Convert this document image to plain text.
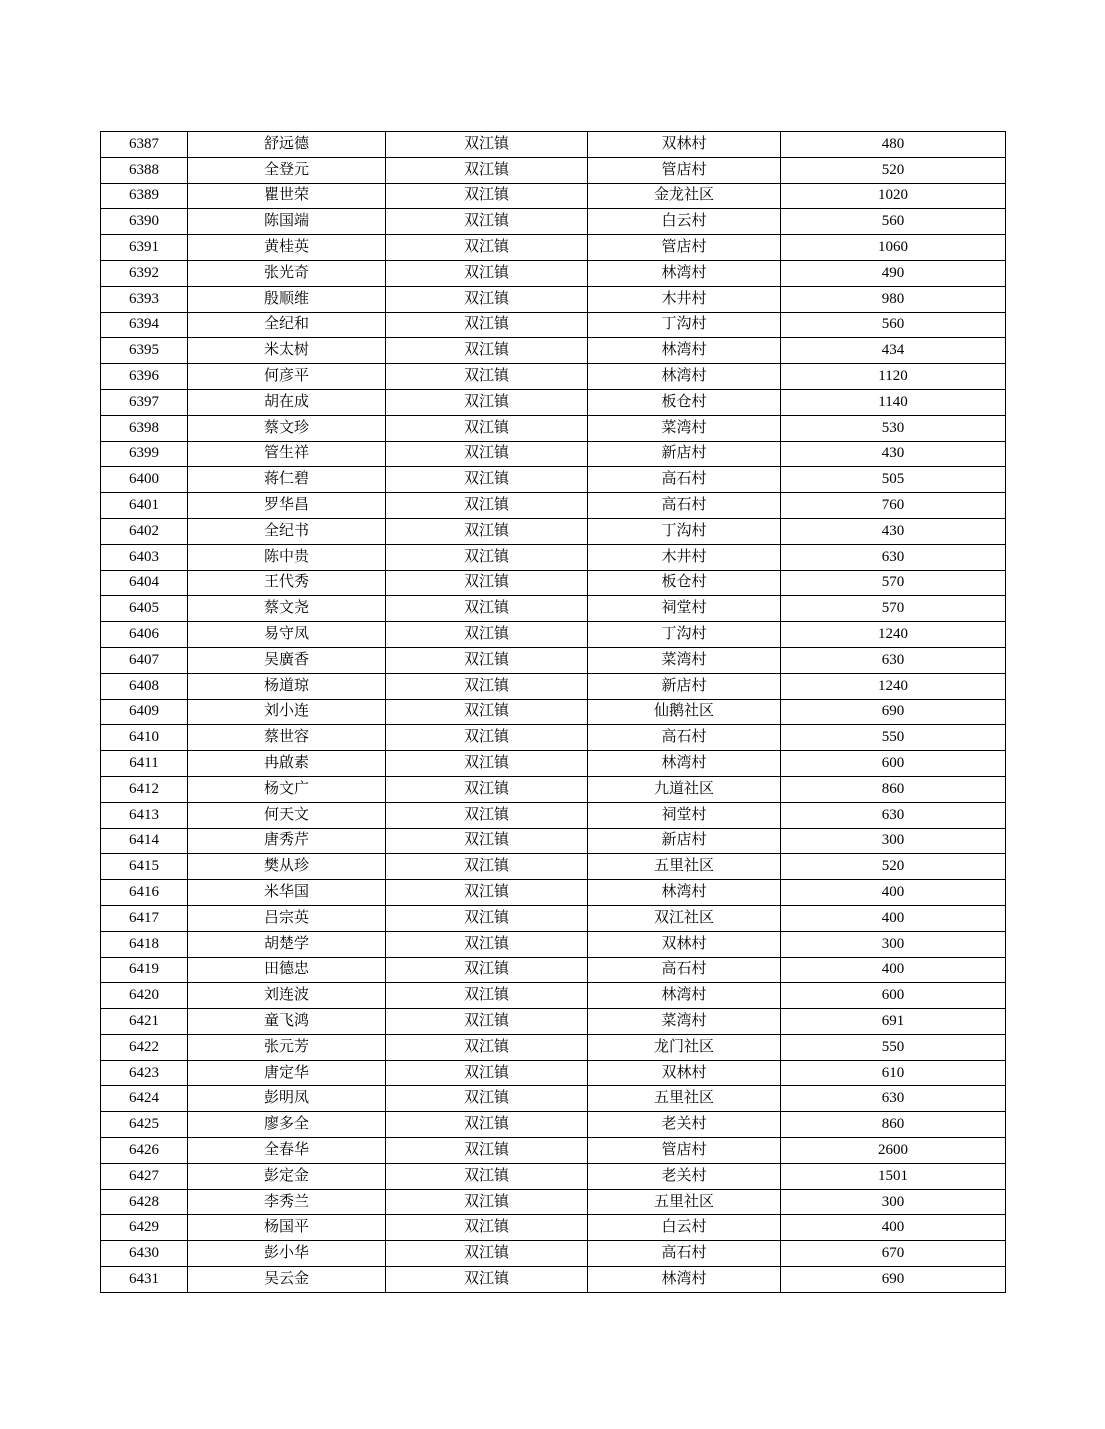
6387	舒远德	双江镇	双林村	480
6388	全登元	双江镇	管店村	520
6389	瞿世荣	双江镇	金龙社区	1020
6390	陈国端	双江镇	白云村	560
6391	黄桂英	双江镇	管店村	1060
6392	张光奇	双江镇	林湾村	490
6393	殷顺维	双江镇	木井村	980
6394	全纪和	双江镇	丁沟村	560
6395	米太树	双江镇	林湾村	434
6396	何彦平	双江镇	林湾村	1120
6397	胡在成	双江镇	板仓村	1140
6398	蔡文珍	双江镇	菜湾村	530
6399	管生祥	双江镇	新店村	430
6400	蒋仁碧	双江镇	高石村	505
6401	罗华昌	双江镇	高石村	760
6402	全纪书	双江镇	丁沟村	430
6403	陈中贵	双江镇	木井村	630
6404	王代秀	双江镇	板仓村	570
6405	蔡文尧	双江镇	祠堂村	570
6406	易守凤	双江镇	丁沟村	1240
6407	吴廣香	双江镇	菜湾村	630
6408	杨道琼	双江镇	新店村	1240
6409	刘小连	双江镇	仙鹅社区	690
6410	蔡世容	双江镇	高石村	550
6411	冉啟素	双江镇	林湾村	600
6412	杨文广	双江镇	九道社区	860
6413	何天文	双江镇	祠堂村	630
6414	唐秀芹	双江镇	新店村	300
6415	樊从珍	双江镇	五里社区	520
6416	米华国	双江镇	林湾村	400
6417	吕宗英	双江镇	双江社区	400
6418	胡楚学	双江镇	双林村	300
6419	田德忠	双江镇	高石村	400
6420	刘连波	双江镇	林湾村	600
6421	童飞鸿	双江镇	菜湾村	691
6422	张元芳	双江镇	龙门社区	550
6423	唐定华	双江镇	双林村	610
6424	彭明凤	双江镇	五里社区	630
6425	廖多全	双江镇	老关村	860
6426	全春华	双江镇	管店村	2600
6427	彭定金	双江镇	老关村	1501
6428	李秀兰	双江镇	五里社区	300
6429	杨国平	双江镇	白云村	400
6430	彭小华	双江镇	高石村	670
6431	吴云金	双江镇	林湾村	690
